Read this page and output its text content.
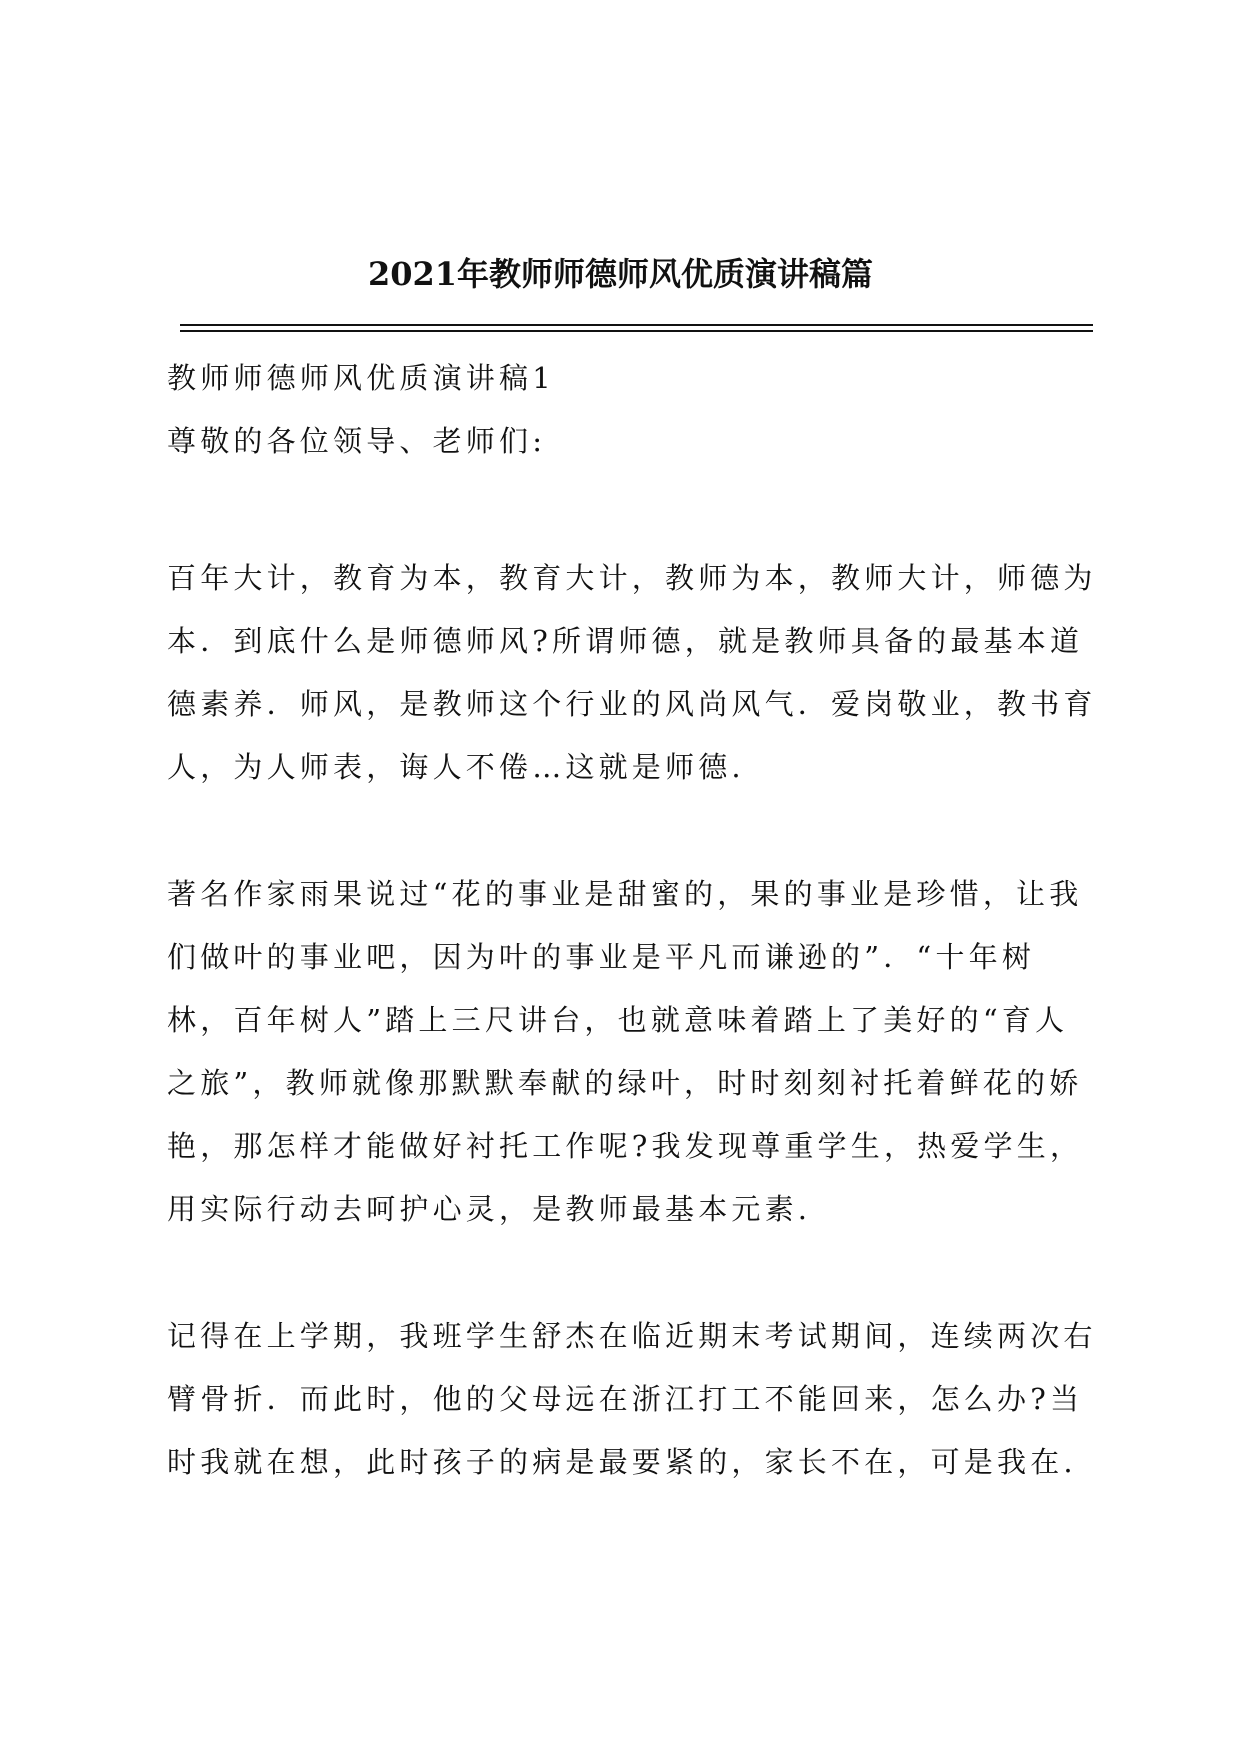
2021年教师师德师风优质演讲稿篇
教师师德师风优质演讲稿1
尊敬的各位领导、老师们:
百年大计，教育为本，教育大计，教师为本，教师大计，师德为
本．到底什么是师德师风?所谓师德，就是教师具备的最基本道
德素养．师风，是教师这个行业的风尚风气．爱岗敬业，教书育
人，为人师表，诲人不倦…这就是师德.
著名作家雨果说过“花的事业是甜蜜的，果的事业是珍惜，让我
们做叶的事业吧，因为叶的事业是平凡而谦逊的”．“十年树
林，百年树人”踏上三尺讲台，也就意味着踏上了美好的“育人
之旅”，教师就像那默默奉献的绿叶，时时刻刻衬托着鲜花的娇
艳，那怎样才能做好衬托工作呢?我发现尊重学生，热爱学生，
用实际行动去呵护心灵，是教师最基本元素.
记得在上学期，我班学生舒杰在临近期末考试期间，连续两次右
臂骨折．而此时，他的父母远在浙江打工不能回来，怎么办?当
时我就在想，此时孩子的病是最要紧的，家长不在，可是我在.
